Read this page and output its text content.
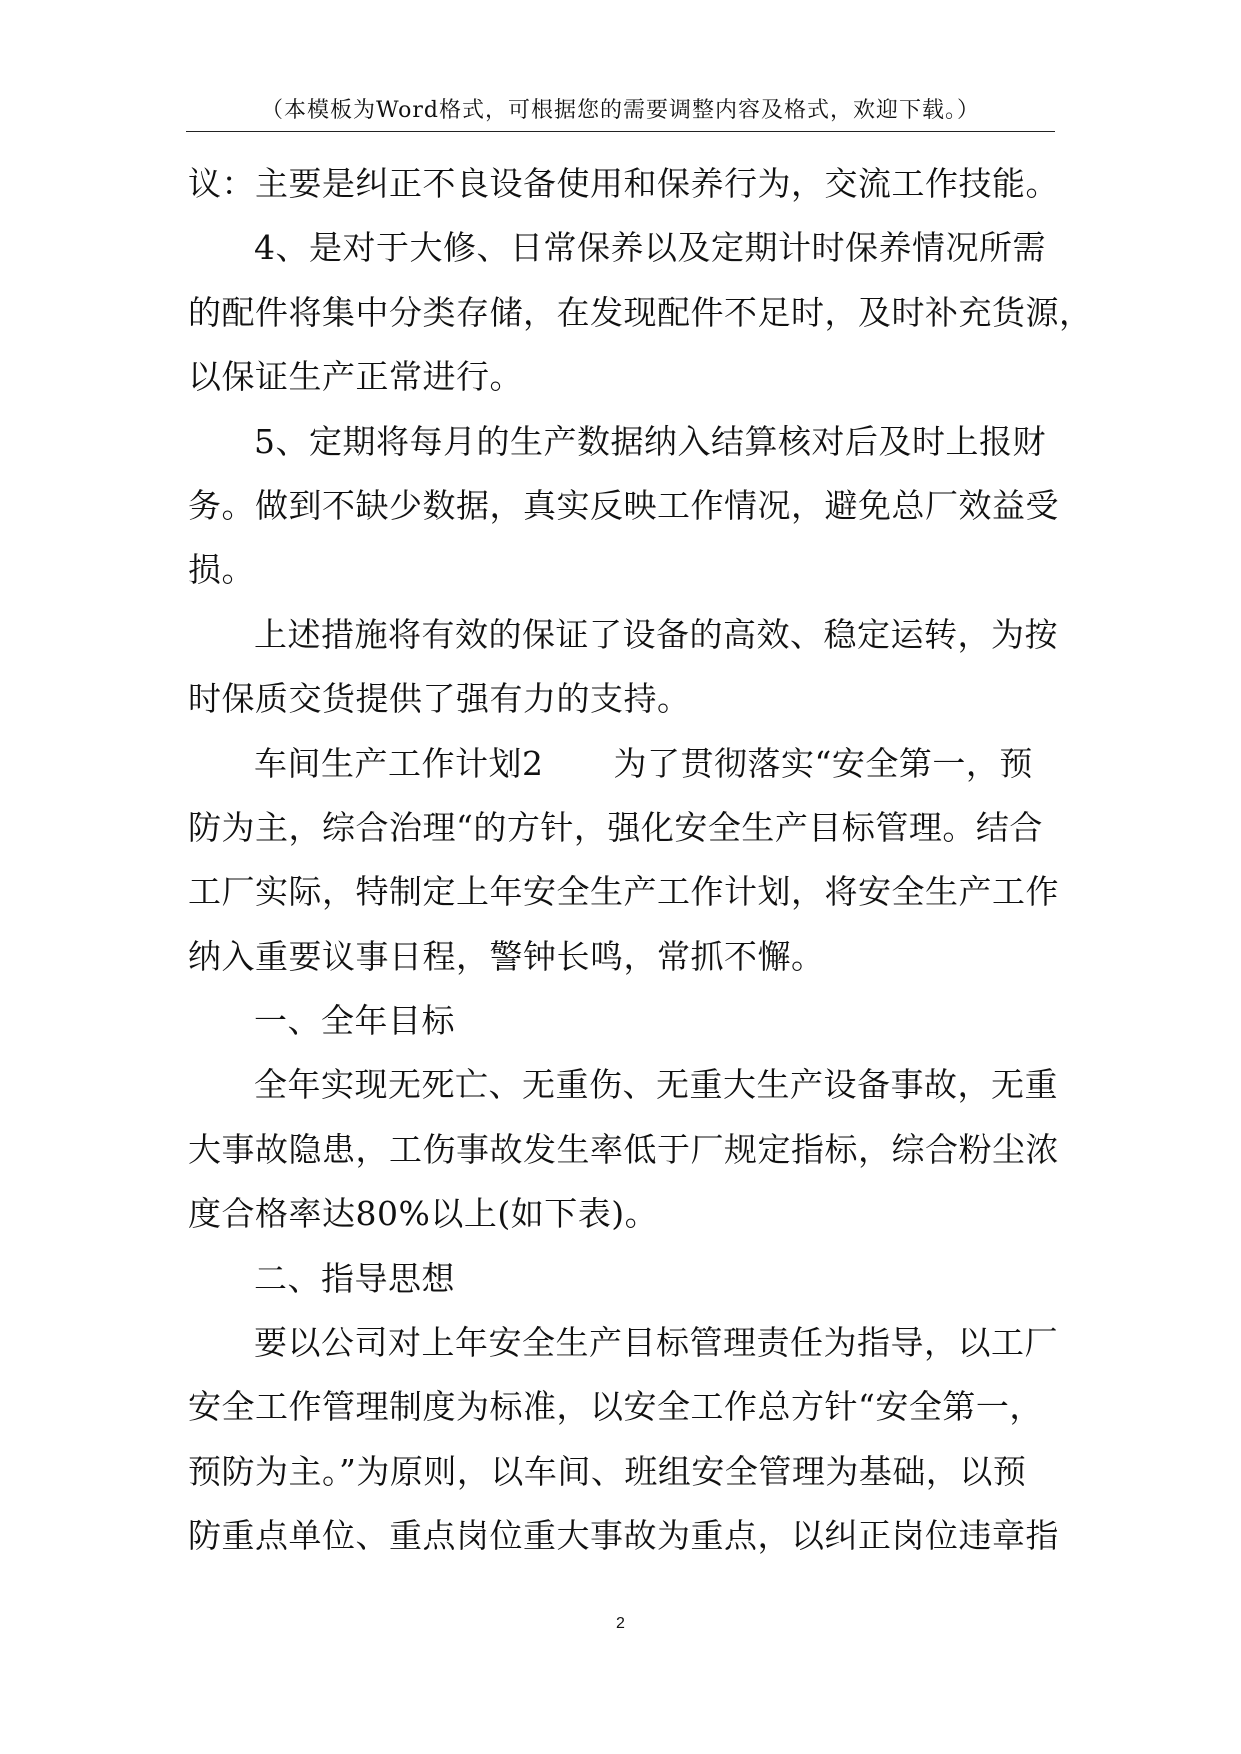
（本模板为Word格式，可根据您的需要调整内容及格式，欢迎下载。）
议：主要是纠正不良设备使用和保养行为，交流工作技能。
4、是对于大修、日常保养以及定期计时保养情况所需
的配件将集中分类存储，在发现配件不足时，及时补充货源，
以保证生产正常进行。
5、定期将每月的生产数据纳入结算核对后及时上报财
务。做到不缺少数据，真实反映工作情况，避免总厂效益受
损。
上述措施将有效的保证了设备的高效、稳定运转，为按
时保质交货提供了强有力的支持。
车间生产工作计划2 为了贯彻落实“安全第一，预
防为主，综合治理“的方针，强化安全生产目标管理。结合
工厂实际，特制定上年安全生产工作计划，将安全生产工作
纳入重要议事日程，警钟长鸣，常抓不懈。
一、全年目标
全年实现无死亡、无重伤、无重大生产设备事故，无重
大事故隐患，工伤事故发生率低于厂规定指标，综合粉尘浓
度合格率达80%以上(如下表)。
二、指导思想
要以公司对上年安全生产目标管理责任为指导，以工厂
安全工作管理制度为标准，以安全工作总方针“安全第一，
预防为主。”为原则，以车间、班组安全管理为基础，以预
防重点单位、重点岗位重大事故为重点，以纠正岗位违章指
2
